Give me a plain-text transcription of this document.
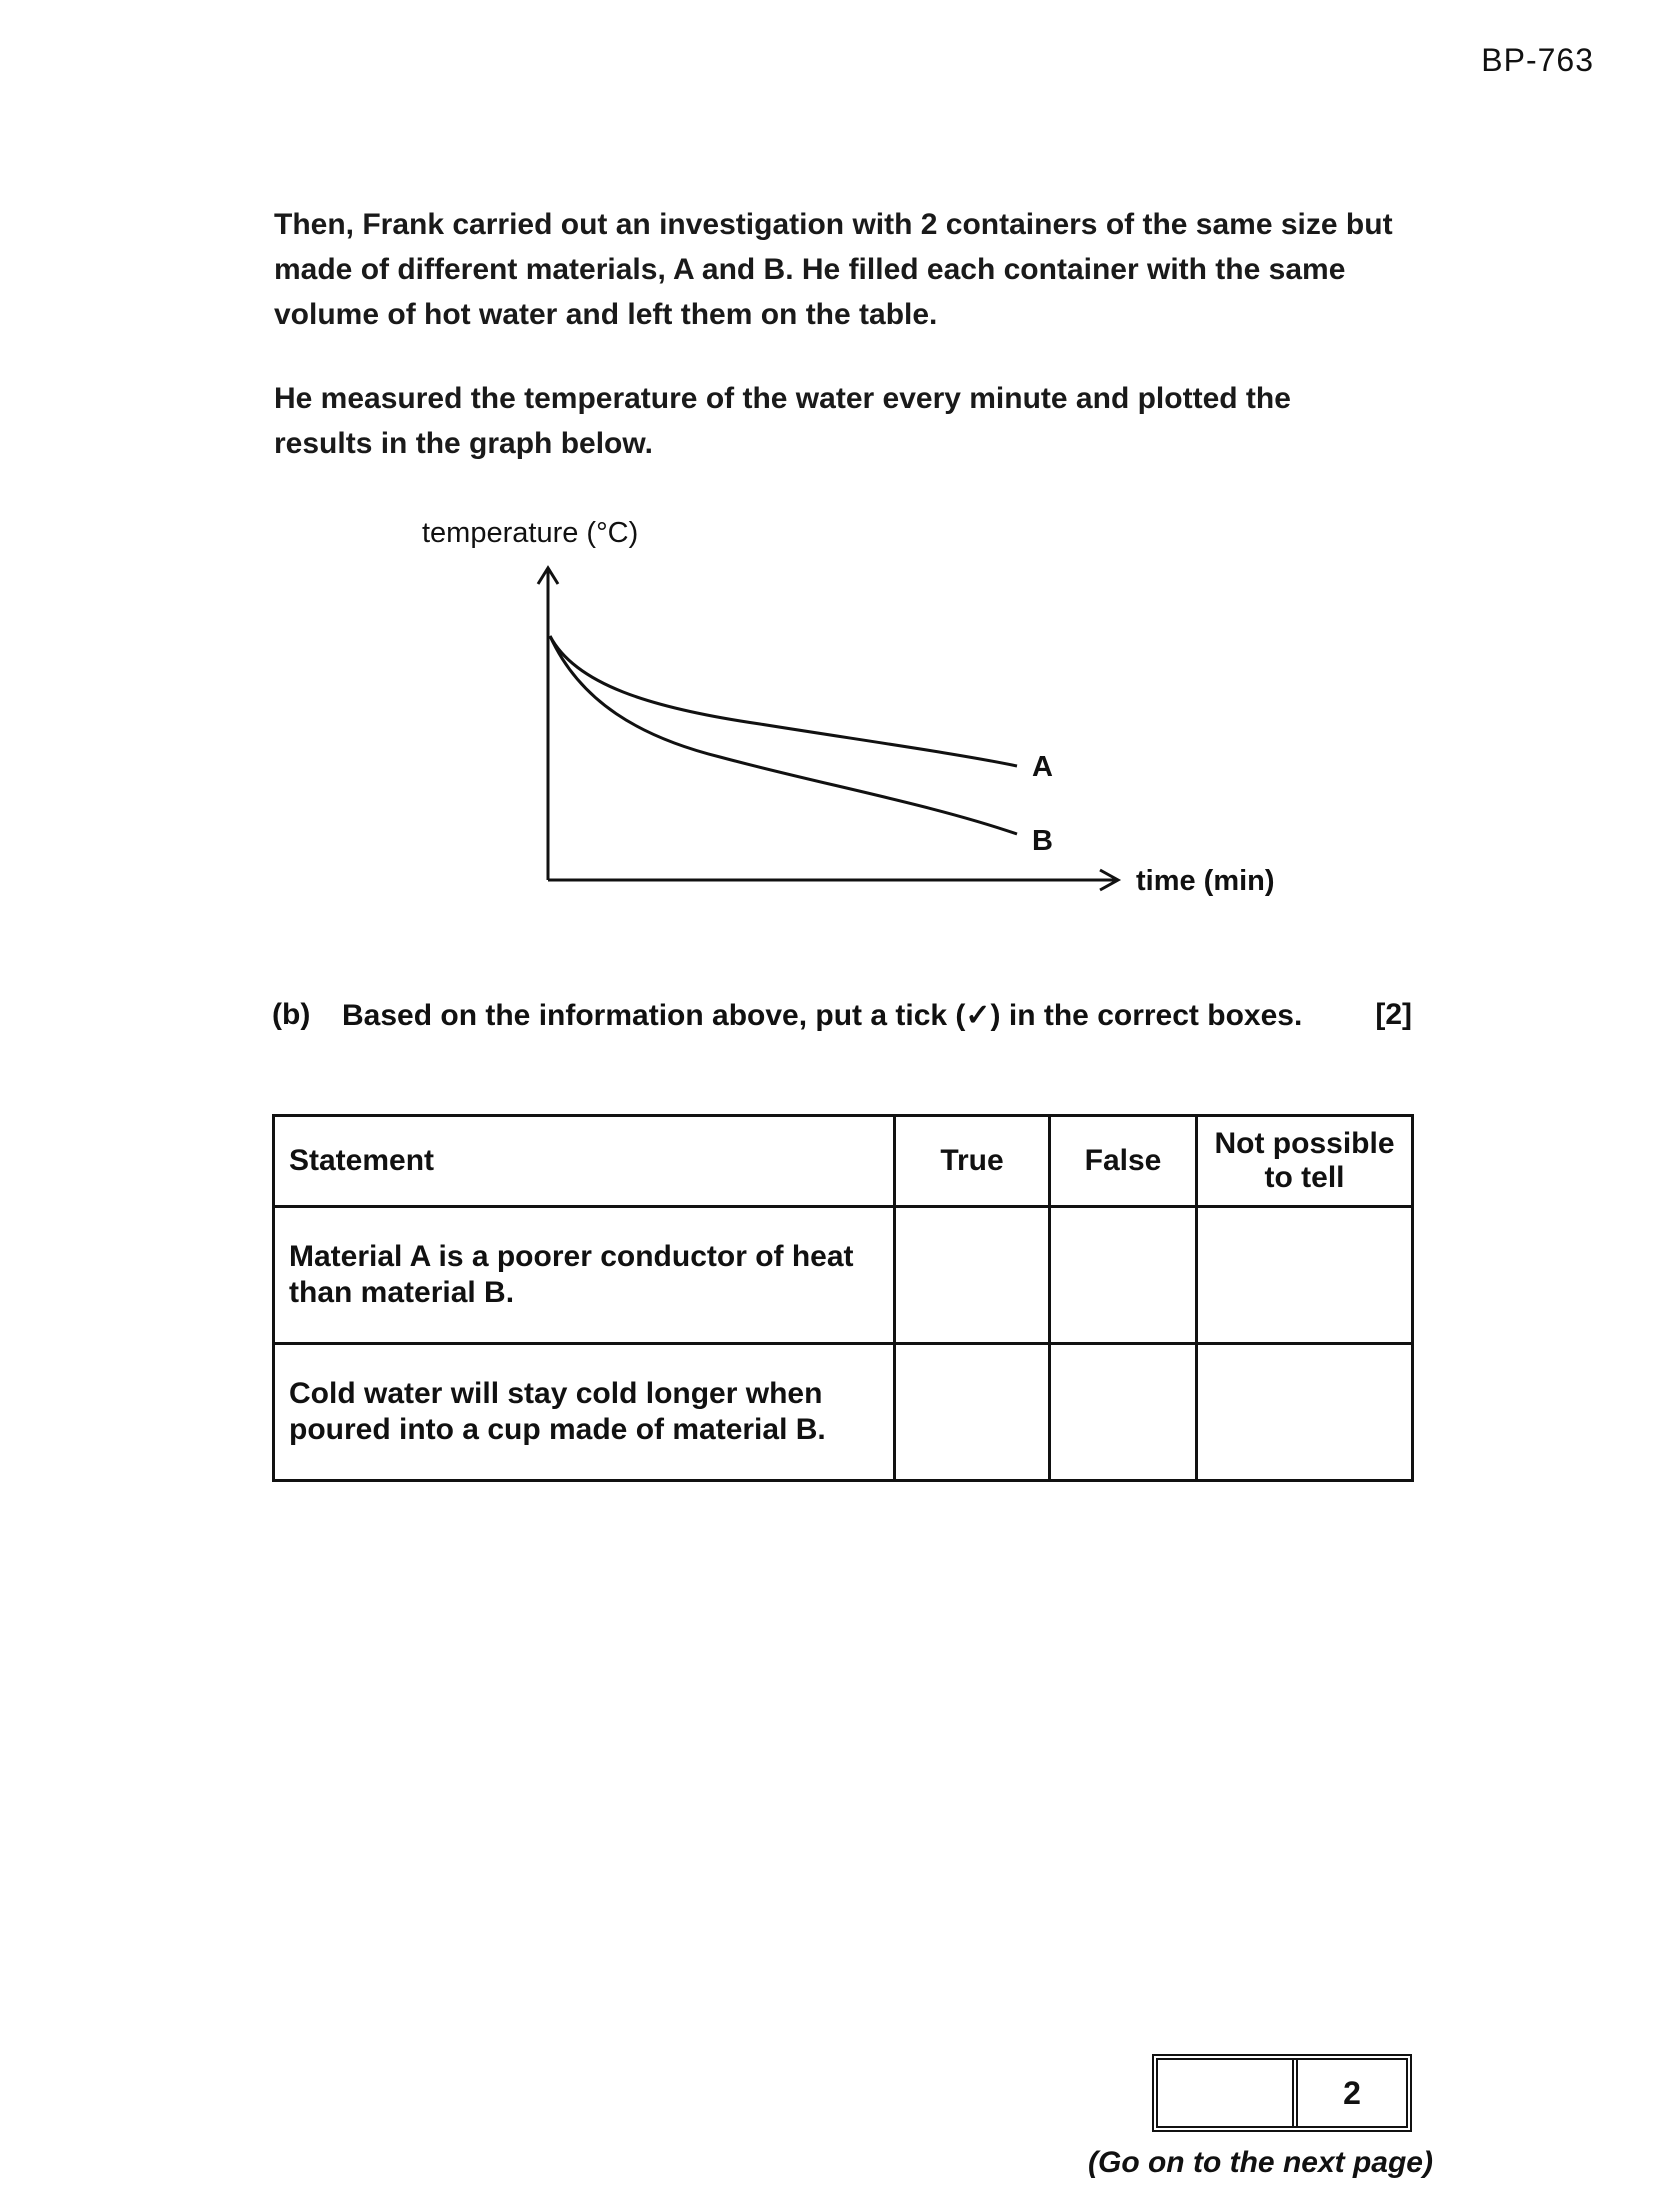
BP-763
Then, Frank carried out an investigation with 2 containers of the same size but made of different materials, A and B. He filled each container with the same volume of hot water and left them on the table.
He measured the temperature of the water every minute and plotted the results in the graph below.
temperature (°C)
time (min)
A
B
(b)	Based on the information above, put a tick (✓) in the correct boxes.	[2]
Statement	True	False	Not possible to tell
Material A is a poorer conductor of heat than material B.			
Cold water will stay cold longer when poured into a cup made of material B.			
2
(Go on to the next page)
